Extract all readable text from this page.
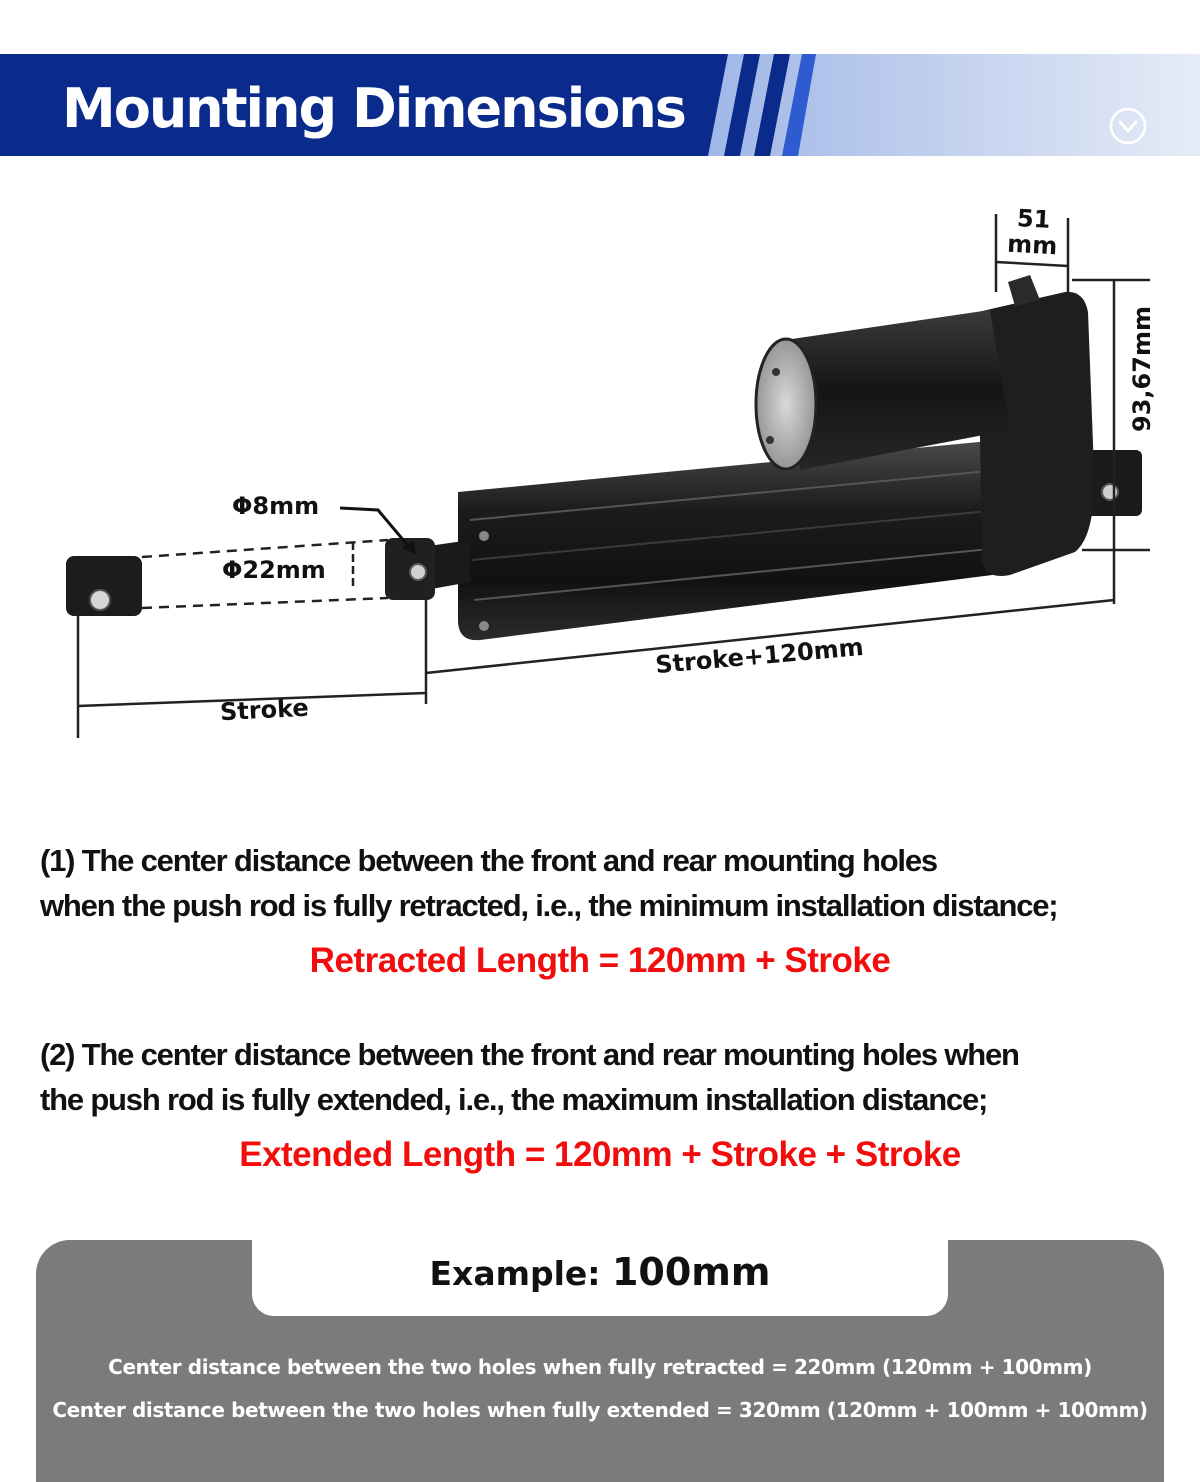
Mounting Dimensions
51
mm
93,67mm
Φ8mm
Φ22mm
Stroke+120mm
Stroke
(1) The center distance between the front and rear mounting holes
when the push rod is fully retracted, i.e., the minimum installation distance;
Retracted Length = 120mm + Stroke
(2) The center distance between the front and rear mounting holes when
the push rod is fully extended, i.e., the maximum installation distance;
Extended Length = 120mm + Stroke + Stroke
Example: 100mm
Center distance between the two holes when fully retracted = 220mm (120mm + 100mm)
Center distance between the two holes when fully extended = 320mm (120mm + 100mm + 100mm)
